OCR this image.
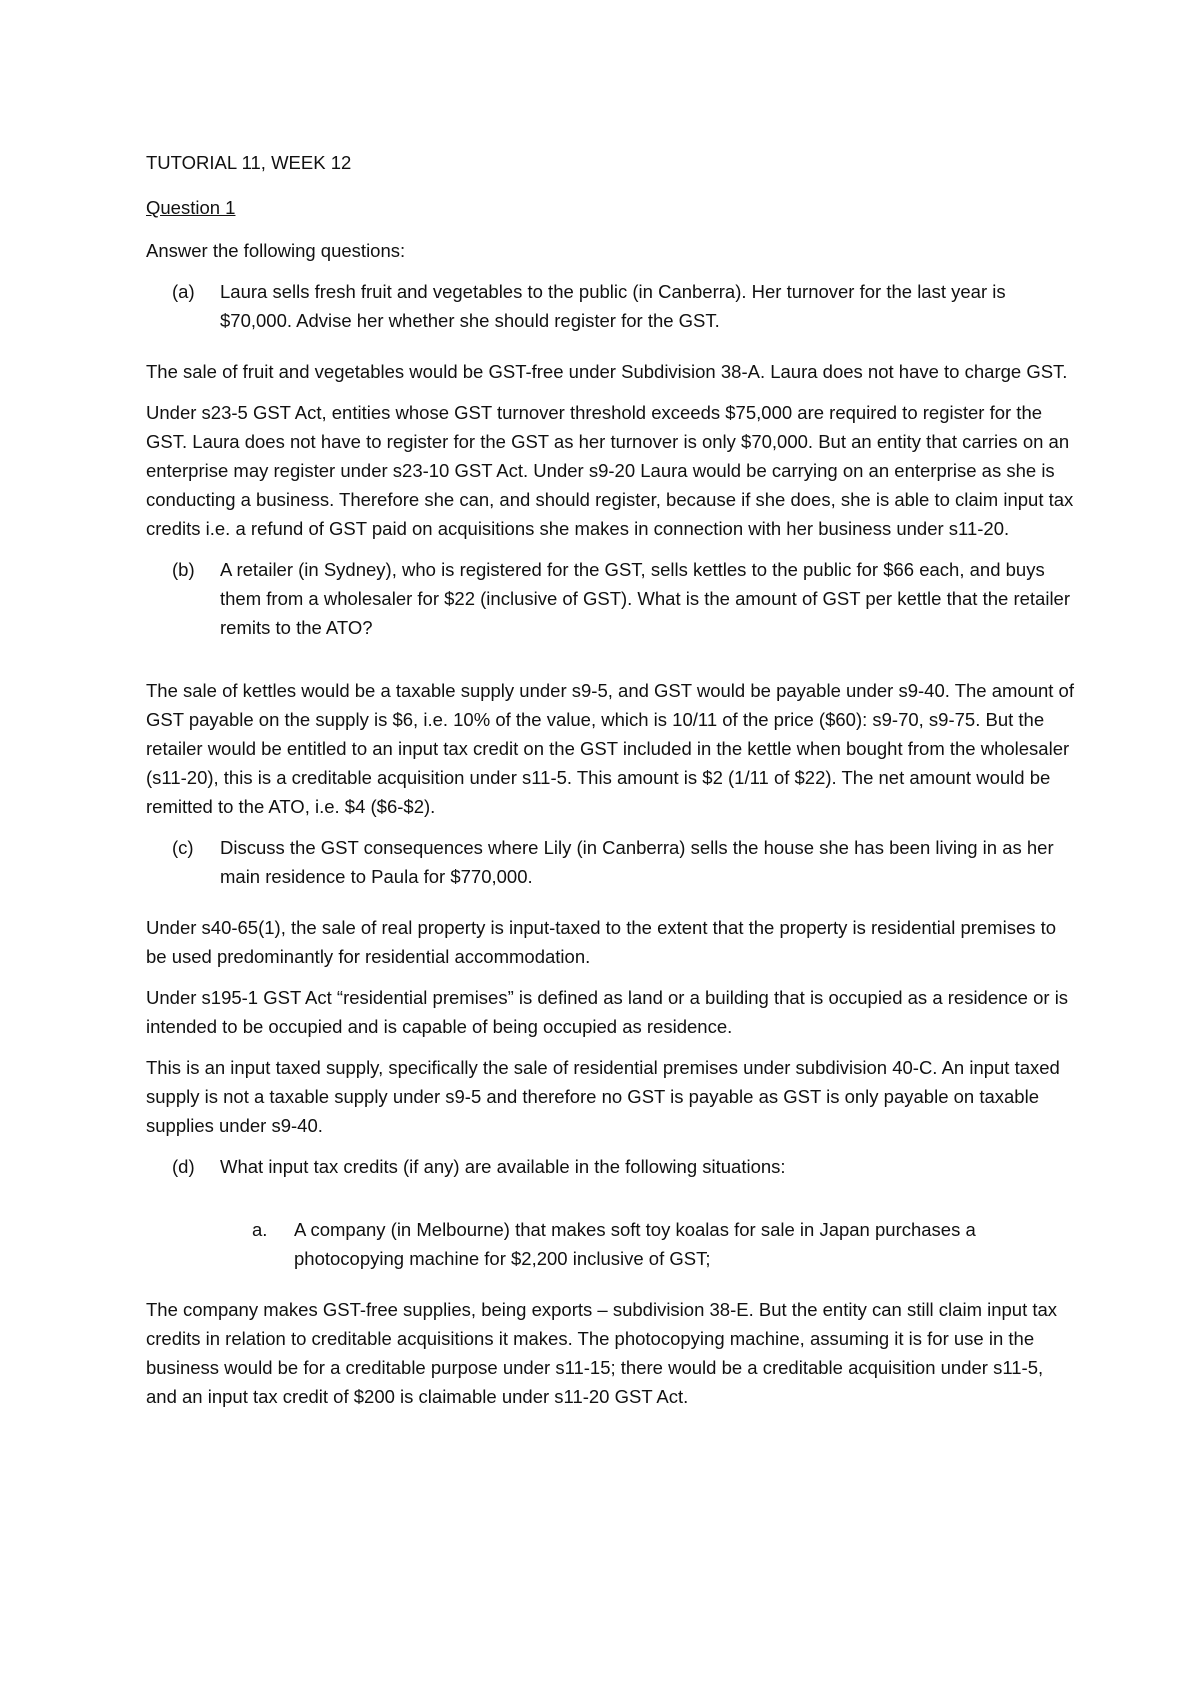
TUTORIAL 11, WEEK 12

Question 1

Answer the following questions:

(a)	Laura sells fresh fruit and vegetables to the public (in Canberra). Her turnover for the last year is $70,000. Advise her whether she should register for the GST.

The sale of fruit and vegetables would be GST-free under Subdivision 38-A. Laura does not have to charge GST.

Under s23-5 GST Act, entities whose GST turnover threshold exceeds $75,000 are required to register for the GST. Laura does not have to register for the GST as her turnover is only $70,000. But an entity that carries on an enterprise may register under s23-10 GST Act. Under s9-20 Laura would be carrying on an enterprise as she is conducting a business. Therefore she can, and should register, because if she does, she is able to claim input tax credits i.e. a refund of GST paid on acquisitions she makes in connection with her business under s11-20.

(b)	A retailer (in Sydney), who is registered for the GST, sells kettles to the public for $66 each, and buys them from a wholesaler for $22 (inclusive of GST). What is the amount of GST per kettle that the retailer remits to the ATO?

The sale of kettles would be a taxable supply under s9-5, and GST would be payable under s9-40. The amount of GST payable on the supply is $6, i.e. 10% of the value, which is 10/11 of the price ($60): s9-70, s9-75. But the retailer would be entitled to an input tax credit on the GST included in the kettle when bought from the wholesaler (s11-20), this is a creditable acquisition under s11-5. This amount is $2 (1/11 of $22). The net amount would be remitted to the ATO, i.e. $4 ($6-$2).

(c)	Discuss the GST consequences where Lily (in Canberra) sells the house she has been living in as her main residence to Paula for $770,000.

Under s40-65(1), the sale of real property is input-taxed to the extent that the property is residential premises to be used predominantly for residential accommodation.

Under s195-1 GST Act “residential premises” is defined as land or a building that is occupied as a residence or is intended to be occupied and is capable of being occupied as residence.

This is an input taxed supply, specifically the sale of residential premises under subdivision 40-C. An input taxed supply is not a taxable supply under s9-5 and therefore no GST is payable as GST is only payable on taxable supplies under s9-40.

(d)	What input tax credits (if any) are available in the following situations:
a.	A company (in Melbourne) that makes soft toy koalas for sale in Japan purchases a photocopying machine for $2,200 inclusive of GST;

The company makes GST-free supplies, being exports – subdivision 38-E. But the entity can still claim input tax credits in relation to creditable acquisitions it makes. The photocopying machine, assuming it is for use in the business would be for a creditable purpose under s11-15; there would be a creditable acquisition under s11-5, and an input tax credit of $200 is claimable under s11-20 GST Act.
